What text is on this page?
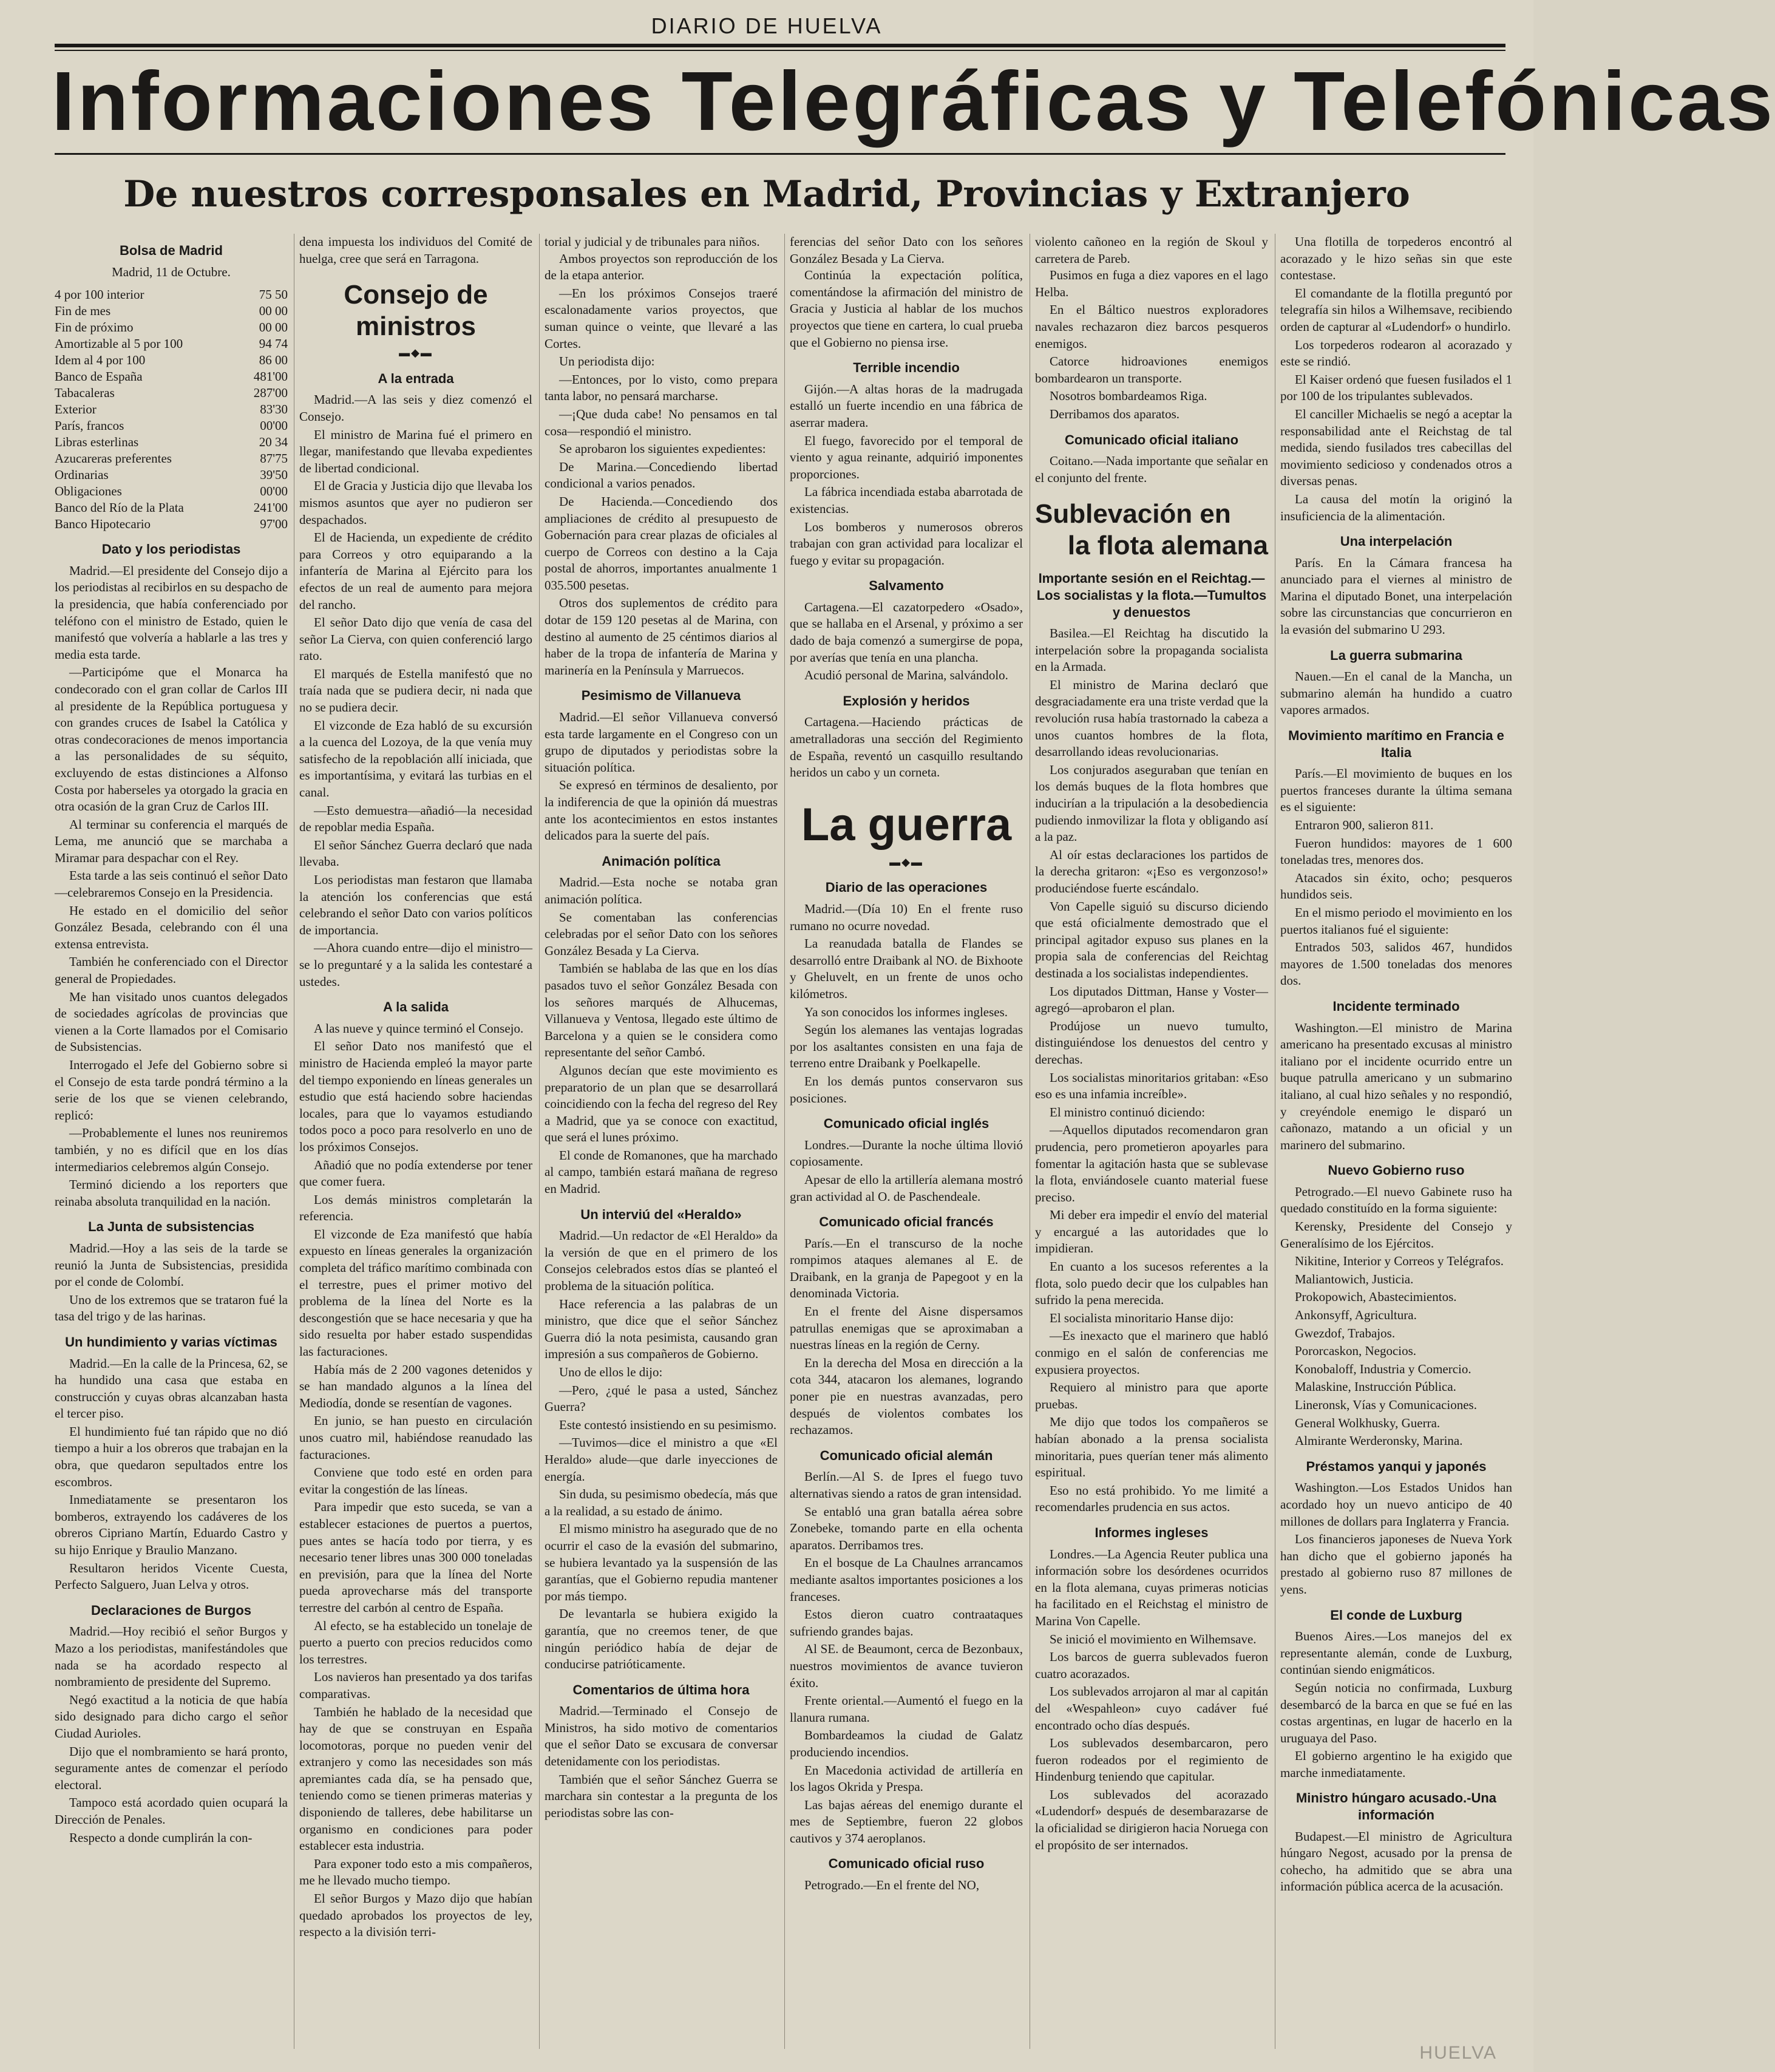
DIARIO DE HUELVA
Informaciones Telegráficas y Telefónicas
De nuestros corresponsales en Madrid, Provincias y Extranjero
Bolsa de Madrid
Madrid, 11 de Octubre.
4 por 100 interior	75 50
Fin de mes	00 00
Fin de próximo	00 00
Amortizable al 5 por 100	94 74
Idem al 4 por 100	86 00
Banco de España	481'00
Tabacaleras	287'00
Exterior	83'30
París, francos	00'00
Libras esterlinas	20 34
Azucareras preferentes	87'75
Ordinarias	39'50
Obligaciones	00'00
Banco del Río de la Plata	241'00
Banco Hipotecario	97'00
Dato y los periodistas

Madrid.—El presidente del Consejo dijo a los periodistas al recibirlos en su despacho de la presidencia, que había conferenciado por teléfono con el ministro de Estado, quien le manifestó que volvería a hablarle a las tres y media esta tarde.

—Participóme que el Monarca ha condecorado con el gran collar de Carlos III al presidente de la República portuguesa y con grandes cruces de Isabel la Católica y otras condecoraciones de menos importancia a las personalidades de su séquito, excluyendo de estas distinciones a Alfonso Costa por haberseles ya otorgado la gracia en otra ocasión de la gran Cruz de Carlos III.

Al terminar su conferencia el marqués de Lema, me anunció que se marchaba a Miramar para despachar con el Rey.

Esta tarde a las seis continuó el señor Dato—celebraremos Consejo en la Presidencia.

He estado en el domicilio del señor González Besada, celebrando con él una extensa entrevista.

También he conferenciado con el Director general de Propiedades.

Me han visitado unos cuantos delegados de sociedades agrícolas de provincias que vienen a la Corte llamados por el Comisario de Subsistencias.

Interrogado el Jefe del Gobierno sobre si el Consejo de esta tarde pondrá término a la serie de los que se vienen celebrando, replicó:

—Probablemente el lunes nos reuniremos también, y no es difícil que en los días intermediarios celebremos algún Consejo.

Terminó diciendo a los reporters que reinaba absoluta tranquilidad en la nación.

La Junta de subsistencias

Madrid.—Hoy a las seis de la tarde se reunió la Junta de Subsistencias, presidida por el conde de Colombí.

Uno de los extremos que se trataron fué la tasa del trigo y de las harinas.

Un hundimiento y varias víctimas

Madrid.—En la calle de la Princesa, 62, se ha hundido una casa que estaba en construcción y cuyas obras alcanzaban hasta el tercer piso.

El hundimiento fué tan rápido que no dió tiempo a huir a los obreros que trabajan en la obra, que quedaron sepultados entre los escombros.

Inmediatamente se presentaron los bomberos, extrayendo los cadáveres de los obreros Cipriano Martín, Eduardo Castro y su hijo Enrique y Braulio Manzano.

Resultaron heridos Vicente Cuesta, Perfecto Salguero, Juan Lelva y otros.

Declaraciones de Burgos

Madrid.—Hoy recibió el señor Burgos y Mazo a los periodistas, manifestándoles que nada se ha acordado respecto al nombramiento de presidente del Supremo.

Negó exactitud a la noticia de que había sido designado para dicho cargo el señor Ciudad Aurioles.

Dijo que el nombramiento se hará pronto, seguramente antes de comenzar el período electoral.

Tampoco está acordado quien ocupará la Dirección de Penales.

Respecto a donde cumplirán la con-

dena impuesta los individuos del Comité de huelga, cree que será en Tarragona.
Consejo de ministros
▬◆▬
A la entrada

Madrid.—A las seis y diez comenzó el Consejo.

El ministro de Marina fué el primero en llegar, manifestando que llevaba expedientes de libertad condicional.

El de Gracia y Justicia dijo que llevaba los mismos asuntos que ayer no pudieron ser despachados.

El de Hacienda, un expediente de crédito para Correos y otro equiparando a la infantería de Marina al Ejército para los efectos de un real de aumento para mejora del rancho.

El señor Dato dijo que venía de casa del señor La Cierva, con quien conferenció largo rato.

El marqués de Estella manifestó que no traía nada que se pudiera decir, ni nada que no se pudiera decir.

El vizconde de Eza habló de su excursión a la cuenca del Lozoya, de la que venía muy satisfecho de la repoblación allí iniciada, que es importantísima, y evitará las turbias en el canal.

—Esto demuestra—añadió—la necesidad de repoblar media España.

El señor Sánchez Guerra declaró que nada llevaba.

Los periodistas man festaron que llamaba la atención los conferencias que está celebrando el señor Dato con varios políticos de importancia.

—Ahora cuando entre—dijo el ministro—se lo preguntaré y a la salida les contestaré a ustedes.

A la salida

A las nueve y quince terminó el Consejo.

El señor Dato nos manifestó que el ministro de Hacienda empleó la mayor parte del tiempo exponiendo en líneas generales un estudio que está haciendo sobre haciendas locales, para que lo vayamos estudiando todos poco a poco para resolverlo en uno de los próximos Consejos.

Añadió que no podía extenderse por tener que comer fuera.

Los demás ministros completarán la referencia.

El vizconde de Eza manifestó que había expuesto en líneas generales la organización completa del tráfico marítimo combinada con el terrestre, pues el primer motivo del problema de la línea del Norte es la descongestión que se hace necesaria y que ha sido resuelta por haber estado suspendidas las facturaciones.

Había más de 2 200 vagones detenidos y se han mandado algunos a la línea del Mediodía, donde se resentían de vagones.

En junio, se han puesto en circulación unos cuatro mil, habiéndose reanudado las facturaciones.

Conviene que todo esté en orden para evitar la congestión de las líneas.

Para impedir que esto suceda, se van a establecer estaciones de puertos a puertos, pues antes se hacía todo por tierra, y es necesario tener libres unas 300 000 toneladas en previsión, para que la línea del Norte pueda aprovecharse más del transporte terrestre del carbón al centro de España.

Al efecto, se ha establecido un tonelaje de puerto a puerto con precios reducidos como los terrestres.

Los navieros han presentado ya dos tarifas comparativas.

También he hablado de la necesidad que hay de que se construyan en España locomotoras, porque no pueden venir del extranjero y como las necesidades son más apremiantes cada día, se ha pensado que, teniendo como se tienen primeras materias y disponiendo de talleres, debe habilitarse un organismo en condiciones para poder establecer esta industria.

Para exponer todo esto a mis compañeros, me he llevado mucho tiempo.

El señor Burgos y Mazo dijo que habían quedado aprobados los proyectos de ley, respecto a la división terri-

torial y judicial y de tribunales para niños.

Ambos proyectos son reproducción de los de la etapa anterior.

—En los próximos Consejos traeré escalonadamente varios proyectos, que suman quince o veinte, que llevaré a las Cortes.

Un periodista dijo:

—Entonces, por lo visto, como prepara tanta labor, no pensará marcharse.

—¡Que duda cabe! No pensamos en tal cosa—respondió el ministro.

Se aprobaron los siguientes expedientes:

De Marina.—Concediendo libertad condicional a varios penados.

De Hacienda.—Concediendo dos ampliaciones de crédito al presupuesto de Gobernación para crear plazas de oficiales al cuerpo de Correos con destino a la Caja postal de ahorros, importantes anualmente 1 035.500 pesetas.

Otros dos suplementos de crédito para dotar de 159 120 pesetas al de Marina, con destino al aumento de 25 céntimos diarios al haber de la tropa de infantería de Marina y marinería en la Península y Marruecos.

Pesimismo de Villanueva

Madrid.—El señor Villanueva conversó esta tarde largamente en el Congreso con un grupo de diputados y periodistas sobre la situación política.

Se expresó en términos de desaliento, por la indiferencia de que la opinión dá muestras ante los acontecimientos en estos instantes delicados para la suerte del país.

Animación política

Madrid.—Esta noche se notaba gran animación política.

Se comentaban las conferencias celebradas por el señor Dato con los señores González Besada y La Cierva.

También se hablaba de las que en los días pasados tuvo el señor González Besada con los señores marqués de Alhucemas, Villanueva y Ventosa, llegado este último de Barcelona y a quien se le considera como representante del señor Cambó.

Algunos decían que este movimiento es preparatorio de un plan que se desarrollará coincidiendo con la fecha del regreso del Rey a Madrid, que ya se conoce con exactitud, que será el lunes próximo.

El conde de Romanones, que ha marchado al campo, también estará mañana de regreso en Madrid.

Un interviú del «Heraldo»

Madrid.—Un redactor de «El Heraldo» da la versión de que en el primero de los Consejos celebrados estos días se planteó el problema de la situación política.

Hace referencia a las palabras de un ministro, que dice que el señor Sánchez Guerra dió la nota pesimista, causando gran impresión a sus compañeros de Gobierno.

Uno de ellos le dijo:

—Pero, ¿qué le pasa a usted, Sánchez Guerra?

Este contestó insistiendo en su pesimismo.

—Tuvimos—dice el ministro a que «El Heraldo» alude—que darle inyecciones de energía.

Sin duda, su pesimismo obedecía, más que a la realidad, a su estado de ánimo.

El mismo ministro ha asegurado que de no ocurrir el caso de la evasión del submarino, se hubiera levantado ya la suspensión de las garantías, que el Gobierno repudia mantener por más tiempo.

De levantarla se hubiera exigido la garantía, que no creemos tener, de que ningún periódico había de dejar de conducirse patrióticamente.

Comentarios de última hora

Madrid.—Terminado el Consejo de Ministros, ha sido motivo de comentarios que el señor Dato se excusara de conversar detenidamente con los periodistas.

También que el señor Sánchez Guerra se marchara sin contestar a la pregunta de los periodistas sobre las con-

ferencias del señor Dato con los señores González Besada y La Cierva.

Continúa la expectación política, comentándose la afirmación del ministro de Gracia y Justicia al hablar de los muchos proyectos que tiene en cartera, lo cual prueba que el Gobierno no piensa irse.

Terrible incendio

Gijón.—A altas horas de la madrugada estalló un fuerte incendio en una fábrica de aserrar madera.

El fuego, favorecido por el temporal de viento y agua reinante, adquirió imponentes proporciones.

La fábrica incendiada estaba abarrotada de existencias.

Los bomberos y numerosos obreros trabajan con gran actividad para localizar el fuego y evitar su propagación.

Salvamento

Cartagena.—El cazatorpedero «Osado», que se hallaba en el Arsenal, y próximo a ser dado de baja comenzó a sumergirse de popa, por averías que tenía en una plancha.

Acudió personal de Marina, salvándolo.

Explosión y heridos

Cartagena.—Haciendo prácticas de ametralladoras una sección del Regimiento de España, reventó un casquillo resultando heridos un cabo y un corneta.

La guerra
▬◆▬
Diario de las operaciones

Madrid.—(Día 10) En el frente ruso rumano no ocurre novedad.

La reanudada batalla de Flandes se desarrolló entre Draibank al NO. de Bixhoote y Gheluvelt, en un frente de unos ocho kilómetros.

Ya son conocidos los informes ingleses.

Según los alemanes las ventajas logradas por los asaltantes consisten en una faja de terreno entre Draibank y Poelkapelle.

En los demás puntos conservaron sus posiciones.

Comunicado oficial inglés

Londres.—Durante la noche última llovió copiosamente.

Apesar de ello la artillería alemana mostró gran actividad al O. de Paschendeale.

Comunicado oficial francés

París.—En el transcurso de la noche rompimos ataques alemanes al E. de Draibank, en la granja de Papegoot y en la denominada Victoria.

En el frente del Aisne dispersamos patrullas enemigas que se aproximaban a nuestras líneas en la región de Cerny.

En la derecha del Mosa en dirección a la cota 344, atacaron los alemanes, logrando poner pie en nuestras avanzadas, pero después de violentos combates los rechazamos.

Comunicado oficial alemán

Berlín.—Al S. de Ipres el fuego tuvo alternativas siendo a ratos de gran intensidad.

Se entabló una gran batalla aérea sobre Zonebeke, tomando parte en ella ochenta aparatos. Derribamos tres.

En el bosque de La Chaulnes arrancamos mediante asaltos importantes posiciones a los franceses.

Estos dieron cuatro contraataques sufriendo grandes bajas.

Al SE. de Beaumont, cerca de Bezonbaux, nuestros movimientos de avance tuvieron éxito.

Frente oriental.—Aumentó el fuego en la llanura rumana.

Bombardeamos la ciudad de Galatz produciendo incendios.

En Macedonia actividad de artillería en los lagos Okrida y Prespa.

Las bajas aéreas del enemigo durante el mes de Septiembre, fueron 22 globos cautivos y 374 aeroplanos.

Comunicado oficial ruso

Petrogrado.—En el frente del NO,

violento cañoneo en la región de Skoul y carretera de Pareb.

Pusimos en fuga a diez vapores en el lago Helba.

En el Báltico nuestros exploradores navales rechazaron diez barcos pesqueros enemigos.

Catorce hidroaviones enemigos bombardearon un transporte.

Nosotros bombardeamos Riga.

Derribamos dos aparatos.

Comunicado oficial italiano

Coitano.—Nada importante que señalar en el conjunto del frente.

Sublevación en
la flota alemana
Importante sesión en el Reichtag.—Los socialistas y la flota.—Tumultos y denuestos

Basilea.—El Reichtag ha discutido la interpelación sobre la propaganda socialista en la Armada.

El ministro de Marina declaró que desgraciadamente era una triste verdad que la revolución rusa había trastornado la cabeza a unos cuantos hombres de la flota, desarrollando ideas revolucionarias.

Los conjurados aseguraban que tenían en los demás buques de la flota hombres que inducirían a la tripulación a la desobediencia pudiendo inmovilizar la flota y obligando así a la paz.

Al oír estas declaraciones los partidos de la derecha gritaron: «¡Eso es vergonzoso!» produciéndose fuerte escándalo.

Von Capelle siguió su discurso diciendo que está oficialmente demostrado que el principal agitador expuso sus planes en la propia sala de conferencias del Reichtag destinada a los socialistas independientes.

Los diputados Dittman, Hanse y Voster—agregó—aprobaron el plan.

Prodújose un nuevo tumulto, distinguiéndose los denuestos del centro y derechas.

Los socialistas minoritarios gritaban: «Eso eso es una infamia increíble».

El ministro continuó diciendo:

—Aquellos diputados recomendaron gran prudencia, pero prometieron apoyarles para fomentar la agitación hasta que se sublevase la flota, enviándosele cuanto material fuese preciso.

Mi deber era impedir el envío del material y encargué a las autoridades que lo impidieran.

En cuanto a los sucesos referentes a la flota, solo puedo decir que los culpables han sufrido la pena merecida.

El socialista minoritario Hanse dijo:

—Es inexacto que el marinero que habló conmigo en el salón de conferencias me expusiera proyectos.

Requiero al ministro para que aporte pruebas.

Me dijo que todos los compañeros se habían abonado a la prensa socialista minoritaria, pues querían tener más alimento espiritual.

Eso no está prohibido. Yo me limité a recomendarles prudencia en sus actos.

Informes ingleses

Londres.—La Agencia Reuter publica una información sobre los desórdenes ocurridos en la flota alemana, cuyas primeras noticias ha facilitado en el Reichstag el ministro de Marina Von Capelle.

Se inició el movimiento en Wilhemsave.

Los barcos de guerra sublevados fueron cuatro acorazados.

Los sublevados arrojaron al mar al capitán del «Wespahleon» cuyo cadáver fué encontrado ocho días después.

Los sublevados desembarcaron, pero fueron rodeados por el regimiento de Hindenburg teniendo que capitular.

Los sublevados del acorazado «Ludendorf» después de desembarazarse de la oficialidad se dirigieron hacia Noruega con el propósito de ser internados.

Una flotilla de torpederos encontró al acorazado y le hizo señas sin que este contestase.

El comandante de la flotilla preguntó por telegrafía sin hilos a Wilhemsave, recibiendo orden de capturar al «Ludendorf» o hundirlo.

Los torpederos rodearon al acorazado y este se rindió.

El Kaiser ordenó que fuesen fusilados el 1 por 100 de los tripulantes sublevados.

El canciller Michaelis se negó a aceptar la responsabilidad ante el Reichstag de tal medida, siendo fusilados tres cabecillas del movimiento sedicioso y condenados otros a diversas penas.

La causa del motín la originó la insuficiencia de la alimentación.

Una interpelación

París. En la Cámara francesa ha anunciado para el viernes al ministro de Marina el diputado Bonet, una interpelación sobre las circunstancias que concurrieron en la evasión del submarino U 293.

La guerra submarina

Nauen.—En el canal de la Mancha, un submarino alemán ha hundido a cuatro vapores armados.

Movimiento marítimo en Francia e Italia

París.—El movimiento de buques en los puertos franceses durante la última semana es el siguiente:

Entraron 900, salieron 811.

Fueron hundidos: mayores de 1 600 toneladas tres, menores dos.

Atacados sin éxito, ocho; pesqueros hundidos seis.

En el mismo periodo el movimiento en los puertos italianos fué el siguiente:

Entrados 503, salidos 467, hundidos mayores de 1.500 toneladas dos menores dos.

Incidente terminado

Washington.—El ministro de Marina americano ha presentado excusas al ministro italiano por el incidente ocurrido entre un buque patrulla americano y un submarino italiano, al cual hizo señales y no respondió, y creyéndole enemigo le disparó un cañonazo, matando a un oficial y un marinero del submarino.

Nuevo Gobierno ruso

Petrogrado.—El nuevo Gabinete ruso ha quedado constituído en la forma siguiente:

Kerensky, Presidente del Consejo y Generalísimo de los Ejércitos.

Nikitine, Interior y Correos y Telégrafos.

Maliantowich, Justicia.

Prokopowich, Abastecimientos.

Ankonsyff, Agricultura.

Gwezdof, Trabajos.

Pororcaskon, Negocios.

Konobaloff, Industria y Comercio.

Malaskine, Instrucción Pública.

Lineronsk, Vías y Comunicaciones.

General Wolkhusky, Guerra.

Almirante Werderonsky, Marina.

Préstamos yanqui y japonés

Washington.—Los Estados Unidos han acordado hoy un nuevo anticipo de 40 millones de dollars para Inglaterra y Francia.

Los financieros japoneses de Nueva York han dicho que el gobierno japonés ha prestado al gobierno ruso 87 millones de yens.

El conde de Luxburg

Buenos Aires.—Los manejos del ex representante alemán, conde de Luxburg, continúan siendo enigmáticos.

Según noticia no confirmada, Luxburg desembarcó de la barca en que se fué en las costas argentinas, en lugar de hacerlo en la uruguaya del Paso.

El gobierno argentino le ha exigido que marche inmediatamente.

Ministro húngaro acusado.-Una información

Budapest.—El ministro de Agricultura húngaro Negost, acusado por la prensa de cohecho, ha admitido que se abra una información pública acerca de la acusación.

HUELVA
